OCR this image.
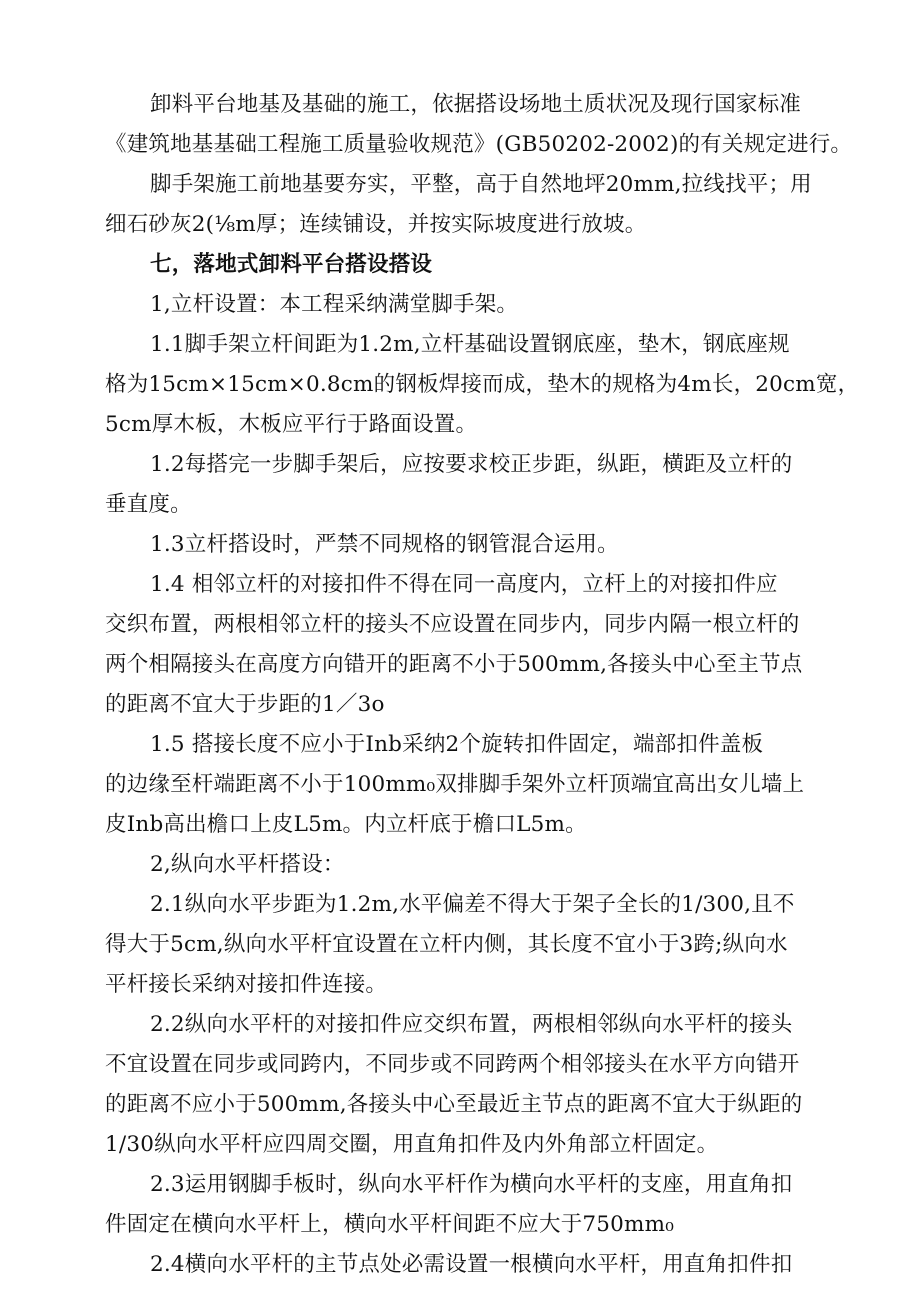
卸料平台地基及基础的施工，依据搭设场地土质状况及现行国家标准
《建筑地基基础工程施工质量验收规范》(GB50202-2002)的有关规定进行。
脚手架施工前地基要夯实，平整，高于自然地坪20mm,拉线找平；用
细石砂灰2(⅛m厚；连续铺设，并按实际坡度进行放坡。
七，落地式卸料平台搭设搭设
1,立杆设置：本工程采纳满堂脚手架。
1.1脚手架立杆间距为1.2m,立杆基础设置钢底座，垫木，钢底座规
格为15cm×15cm×0.8cm的钢板焊接而成，垫木的规格为4m长，20cm宽，
5cm厚木板，木板应平行于路面设置。
1.2每搭完一步脚手架后，应按要求校正步距，纵距，横距及立杆的
垂直度。
1.3立杆搭设时，严禁不同规格的钢管混合运用。
1.4 相邻立杆的对接扣件不得在同一高度内，立杆上的对接扣件应
交织布置，两根相邻立杆的接头不应设置在同步内，同步内隔一根立杆的
两个相隔接头在高度方向错开的距离不小于500mm,各接头中心至主节点
的距离不宜大于步距的1／3o
1.5 搭接长度不应小于Inb采纳2个旋转扣件固定，端部扣件盖板
的边缘至杆端距离不小于100mm₀双排脚手架外立杆顶端宜高出女儿墙上
皮Inb高出檐口上皮L5m。内立杆底于檐口L5m。
2,纵向水平杆搭设：
2.1纵向水平步距为1.2m,水平偏差不得大于架子全长的1/300,且不
得大于5cm,纵向水平杆宜设置在立杆内侧，其长度不宜小于3跨;纵向水
平杆接长采纳对接扣件连接。
2.2纵向水平杆的对接扣件应交织布置，两根相邻纵向水平杆的接头
不宜设置在同步或同跨内，不同步或不同跨两个相邻接头在水平方向错开
的距离不应小于500mm,各接头中心至最近主节点的距离不宜大于纵距的
1/30纵向水平杆应四周交圈，用直角扣件及内外角部立杆固定。
2.3运用钢脚手板时，纵向水平杆作为横向水平杆的支座，用直角扣
件固定在横向水平杆上，横向水平杆间距不应大于750mm₀
2.4横向水平杆的主节点处必需设置一根横向水平杆，用直角扣件扣
